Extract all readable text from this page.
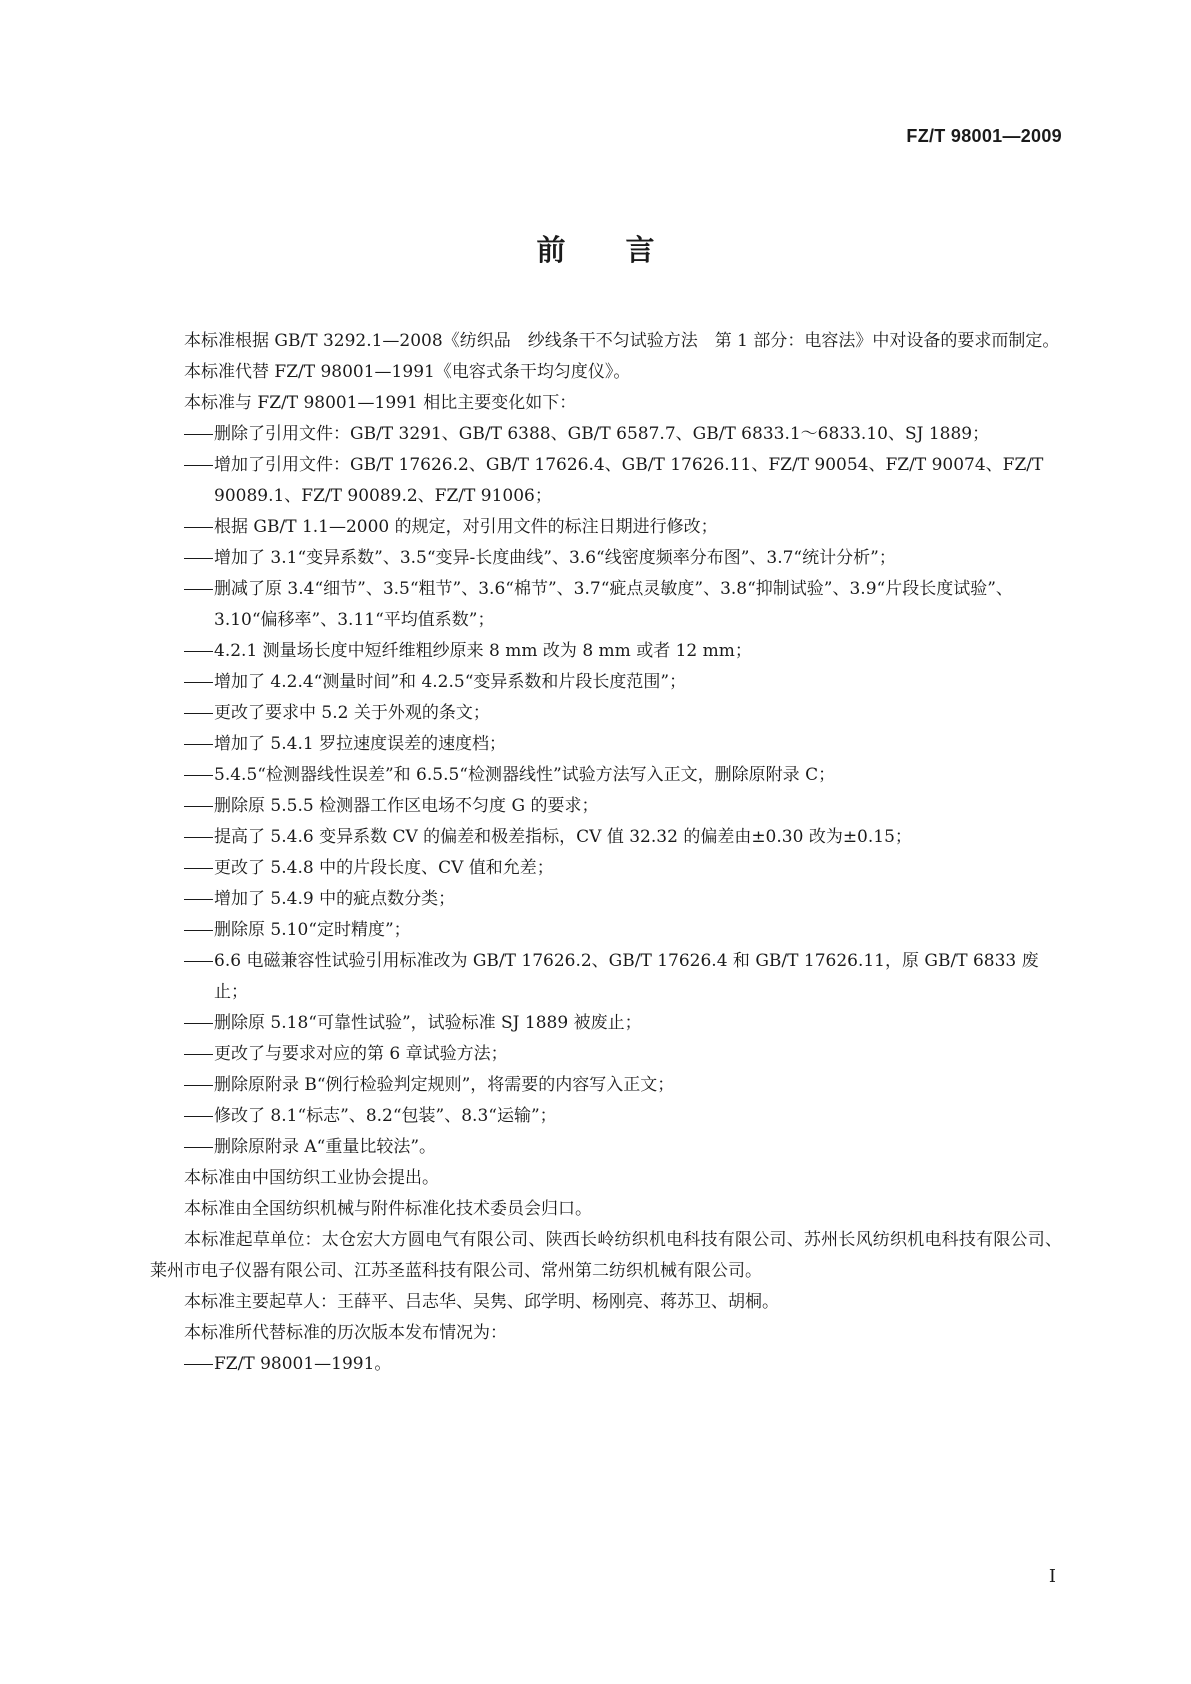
FZ/T 98001—2009
前言

本标准根据 GB/T 3292.1—2008《纺织品　纱线条干不匀试验方法　第 1 部分：电容法》中对设备的要求而制定。

本标准代替 FZ/T 98001—1991《电容式条干均匀度仪》。

本标准与 FZ/T 98001—1991 相比主要变化如下：

删除了引用文件：GB/T 3291、GB/T 6388、GB/T 6587.7、GB/T 6833.1～6833.10、SJ 1889；

增加了引用文件：GB/T 17626.2、GB/T 17626.4、GB/T 17626.11、FZ/T 90054、FZ/T 90074、FZ/T 90089.1、FZ/T 90089.2、FZ/T 91006；

根据 GB/T 1.1—2000 的规定，对引用文件的标注日期进行修改；

增加了 3.1“变异系数”、3.5“变异-长度曲线”、3.6“线密度频率分布图”、3.7“统计分析”；

删减了原 3.4“细节”、3.5“粗节”、3.6“棉节”、3.7“疵点灵敏度”、3.8“抑制试验”、3.9“片段长度试验”、3.10“偏移率”、3.11“平均值系数”；

4.2.1 测量场长度中短纤维粗纱原来 8 mm 改为 8 mm 或者 12 mm；

增加了 4.2.4“测量时间”和 4.2.5“变异系数和片段长度范围”；

更改了要求中 5.2 关于外观的条文；

增加了 5.4.1 罗拉速度误差的速度档；

5.4.5“检测器线性误差”和 6.5.5“检测器线性”试验方法写入正文，删除原附录 C；

删除原 5.5.5 检测器工作区电场不匀度 G 的要求；

提高了 5.4.6 变异系数 CV 的偏差和极差指标，CV 值 32.32 的偏差由±0.30 改为±0.15；

更改了 5.4.8 中的片段长度、CV 值和允差；

增加了 5.4.9 中的疵点数分类；

删除原 5.10“定时精度”；

6.6 电磁兼容性试验引用标准改为 GB/T 17626.2、GB/T 17626.4 和 GB/T 17626.11，原 GB/T 6833 废止；

删除原 5.18“可靠性试验”，试验标准 SJ 1889 被废止；

更改了与要求对应的第 6 章试验方法；

删除原附录 B“例行检验判定规则”，将需要的内容写入正文；

修改了 8.1“标志”、8.2“包装”、8.3“运输”；

删除原附录 A“重量比较法”。

本标准由中国纺织工业协会提出。

本标准由全国纺织机械与附件标准化技术委员会归口。

本标准起草单位：太仓宏大方圆电气有限公司、陕西长岭纺织机电科技有限公司、苏州长风纺织机电科技有限公司、莱州市电子仪器有限公司、江苏圣蓝科技有限公司、常州第二纺织机械有限公司。

本标准主要起草人：王薛平、吕志华、吴隽、邱学明、杨刚亮、蒋苏卫、胡桐。

本标准所代替标准的历次版本发布情况为：

FZ/T 98001—1991。

I
